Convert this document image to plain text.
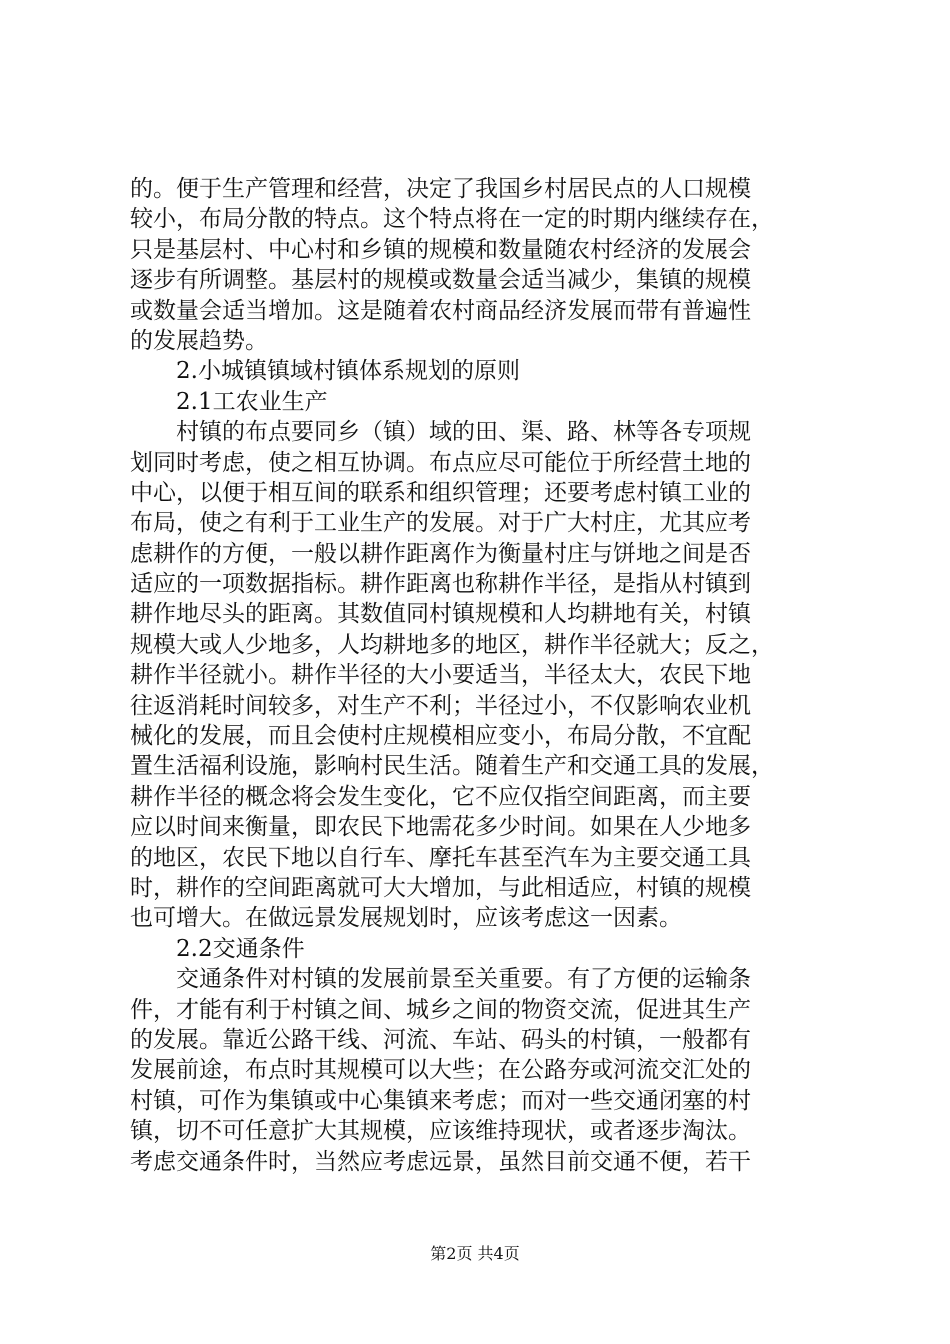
的。便于生产管理和经营，决定了我国乡村居民点的人口规模
较小，布局分散的特点。这个特点将在一定的时期内继续存在，
只是基层村、中心村和乡镇的规模和数量随农村经济的发展会
逐步有所调整。基层村的规模或数量会适当减少，集镇的规模
或数量会适当增加。这是随着农村商品经济发展而带有普遍性
的发展趋势。
2.小城镇镇域村镇体系规划的原则
2.1工农业生产
村镇的布点要同乡（镇）域的田、渠、路、林等各专项规
划同时考虑，使之相互协调。布点应尽可能位于所经营土地的
中心，以便于相互间的联系和组织管理；还要考虑村镇工业的
布局，使之有利于工业生产的发展。对于广大村庄，尤其应考
虑耕作的方便，一般以耕作距离作为衡量村庄与饼地之间是否
适应的一项数据指标。耕作距离也称耕作半径，是指从村镇到
耕作地尽头的距离。其数值同村镇规模和人均耕地有关，村镇
规模大或人少地多，人均耕地多的地区，耕作半径就大；反之，
耕作半径就小。耕作半径的大小要适当，半径太大，农民下地
往返消耗时间较多，对生产不利；半径过小，不仅影响农业机
械化的发展，而且会使村庄规模相应变小，布局分散，不宜配
置生活福利设施，影响村民生活。随着生产和交通工具的发展，
耕作半径的概念将会发生变化，它不应仅指空间距离，而主要
应以时间来衡量，即农民下地需花多少时间。如果在人少地多
的地区，农民下地以自行车、摩托车甚至汽车为主要交通工具
时，耕作的空间距离就可大大增加，与此相适应，村镇的规模
也可增大。在做远景发展规划时，应该考虑这一因素。
2.2交通条件
交通条件对村镇的发展前景至关重要。有了方便的运输条
件，才能有利于村镇之间、城乡之间的物资交流，促进其生产
的发展。靠近公路干线、河流、车站、码头的村镇，一般都有
发展前途，布点时其规模可以大些；在公路夯或河流交汇处的
村镇，可作为集镇或中心集镇来考虑；而对一些交通闭塞的村
镇，切不可任意扩大其规模，应该维持现状，或者逐步淘汰。
考虑交通条件时，当然应考虑远景，虽然目前交通不便，若干
第2页 共4页
